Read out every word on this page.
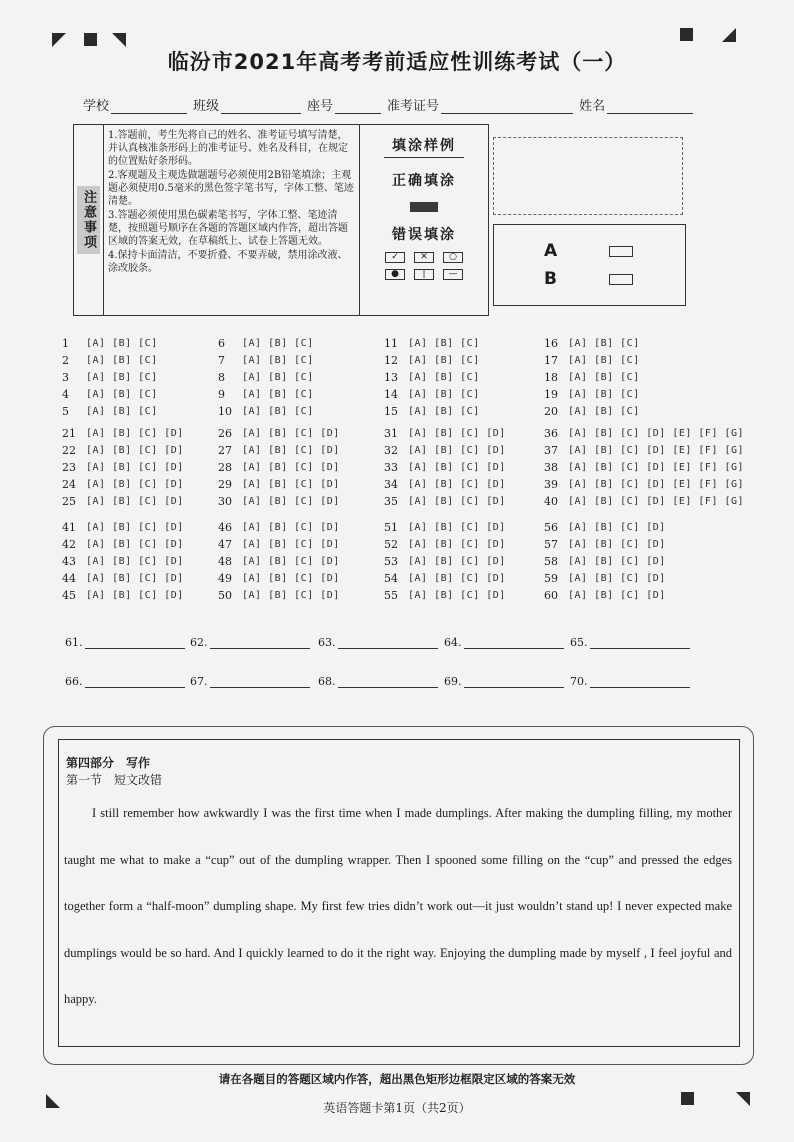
临汾市2021年高考考前适应性训练考试（一）
学校	班级	座号	准考证号	姓名
注意事项

1.答题前，考生先将自己的姓名、准考证号填写清楚，并认真核准条形码上的准考证号、姓名及科目，在规定的位置贴好条形码。

2.客观题及主观选做题题号必须使用2B铅笔填涂；主观题必须使用0.5毫米的黑色签字笔书写，字体工整、笔迹清楚。

3.答题必须使用黑色碳素笔书写，字体工整、笔迹清楚，按照题号顺序在各题的答题区域内作答，超出答题区域的答案无效，在草稿纸上、试卷上答题无效。

4.保持卡面清洁，不要折叠、不要弄破，禁用涂改液、涂改胶条。

填涂样例
正确填涂
错误填涂
✓	✕	○
●	|	—
A
B
1	[A] [B] [C]
2	[A] [B] [C]
3	[A] [B] [C]
4	[A] [B] [C]
5	[A] [B] [C]
6	[A] [B] [C]
7	[A] [B] [C]
8	[A] [B] [C]
9	[A] [B] [C]
10	[A] [B] [C]
11	[A] [B] [C]
12	[A] [B] [C]
13	[A] [B] [C]
14	[A] [B] [C]
15	[A] [B] [C]
16	[A] [B] [C]
17	[A] [B] [C]
18	[A] [B] [C]
19	[A] [B] [C]
20	[A] [B] [C]
21	[A] [B] [C] [D]
22	[A] [B] [C] [D]
23	[A] [B] [C] [D]
24	[A] [B] [C] [D]
25	[A] [B] [C] [D]
26	[A] [B] [C] [D]
27	[A] [B] [C] [D]
28	[A] [B] [C] [D]
29	[A] [B] [C] [D]
30	[A] [B] [C] [D]
31	[A] [B] [C] [D]
32	[A] [B] [C] [D]
33	[A] [B] [C] [D]
34	[A] [B] [C] [D]
35	[A] [B] [C] [D]
36	[A] [B] [C] [D] [E] [F] [G]
37	[A] [B] [C] [D] [E] [F] [G]
38	[A] [B] [C] [D] [E] [F] [G]
39	[A] [B] [C] [D] [E] [F] [G]
40	[A] [B] [C] [D] [E] [F] [G]
41	[A] [B] [C] [D]
42	[A] [B] [C] [D]
43	[A] [B] [C] [D]
44	[A] [B] [C] [D]
45	[A] [B] [C] [D]
46	[A] [B] [C] [D]
47	[A] [B] [C] [D]
48	[A] [B] [C] [D]
49	[A] [B] [C] [D]
50	[A] [B] [C] [D]
51	[A] [B] [C] [D]
52	[A] [B] [C] [D]
53	[A] [B] [C] [D]
54	[A] [B] [C] [D]
55	[A] [B] [C] [D]
56	[A] [B] [C] [D]
57	[A] [B] [C] [D]
58	[A] [B] [C] [D]
59	[A] [B] [C] [D]
60	[A] [B] [C] [D]
61.	62.	63.	64.	65.
66.	67.	68.	69.	70.
第四部分　写作
第一节　短文改错
I still remember how awkwardly I was the first time when I made dumplings. After making the dumpling filling, my mother taught me what to make a “cup” out of the dumpling wrapper. Then I spooned some filling on the “cup” and pressed the edges together form a “half-moon” dumpling shape. My first few tries didn’t work out—it just wouldn’t stand up! I never expected make dumplings would be so hard. And I quickly learned to do it the right way. Enjoying the dumpling made by myself , I feel joyful and happy.
请在各题目的答题区域内作答，超出黑色矩形边框限定区域的答案无效
英语答题卡第1页（共2页）
